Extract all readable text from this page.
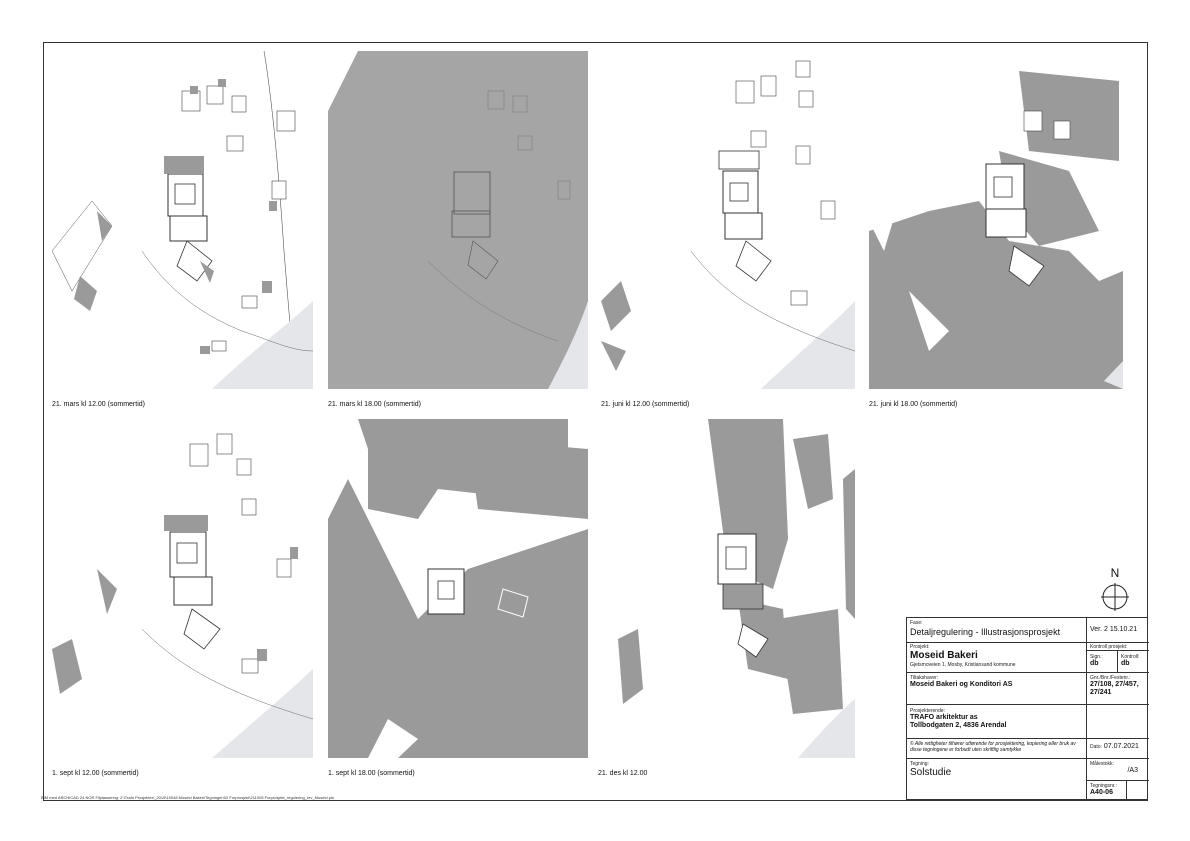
21. mars kl 12.00 (sommertid)	21. mars kl 18.00 (sommertid)	21. juni kl 12.00 (sommertid)	21. juni kl 18.00 (sommertid)
1. sept kl 12.00 (sommertid)	1. sept kl 18.00 (sommertid)	21. des kl 12.00
N
BIM med ARCHICAD 24 NOR Filplassering: Z:\Trafo Prosjekter\_2019\19048 Moseid Bakeri\Tegninger\02 Forprosjekt\211005 Forprosjekt_regulering_rev_Moseid.pln
Fase:
Detaljregulering - Illustrasjonsprosjekt	Ver. 2 15.10.21
Prosjekt:
Moseid Bakeri
Gjetsmoveien 1, Mosby, Kristiansand kommune
Kontroll prosjekt:
Sign.:
db
Kontroll:
db
Tiltakshaver:
Moseid Bakeri og Konditori AS
Gnr./Bnr./Festenr.:
27/108, 27/457, 27/241
Prosjekterende:
TRAFO arkitektur as
Tollbodgaten 2, 4836 Arendal
© Alle rettigheter tilhører utførende for prosjektering, kopiering eller bruk av disse tegningene er forbudt uten skriftlig samtykke	Dato: 07.07.2021
Tegning:
Solstudie
Målestokk:
/A3
Tegningsnr.:
A40-06
